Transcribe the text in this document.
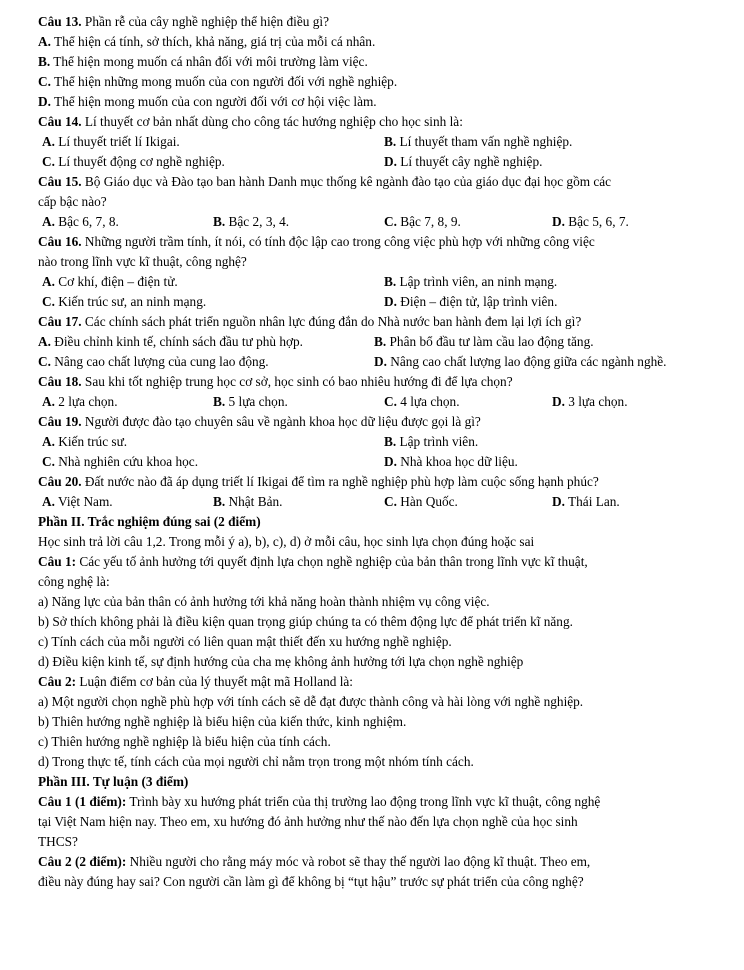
Câu 13. Phần rễ của cây nghề nghiệp thể hiện điều gì?
A. Thể hiện cá tính, sở thích, khả năng, giá trị của mỗi cá nhân.
B. Thể hiện mong muốn cá nhân đối với môi trường làm việc.
C. Thể hiện những mong muốn của con người đối với nghề nghiệp.
D. Thể hiện mong muốn của con người đối với cơ hội việc làm.
Câu 14. Lí thuyết cơ bản nhất dùng cho công tác hướng nghiệp cho học sinh là:
A. Lí thuyết triết lí Ikigai.	B. Lí thuyết tham vấn nghề nghiệp.
C. Lí thuyết động cơ nghề nghiệp.	D. Lí thuyết cây nghề nghiệp.
Câu 15. Bộ Giáo dục và Đào tạo ban hành Danh mục thống kê ngành đào tạo của giáo dục đại học gồm các
cấp bậc nào?
A. Bậc 6, 7, 8.	B. Bậc 2, 3, 4.	C. Bậc 7, 8, 9.	D. Bậc 5, 6, 7.
Câu 16. Những người trầm tính, ít nói, có tính độc lập cao trong công việc phù hợp với những công việc
nào trong lĩnh vực kĩ thuật, công nghệ?
A. Cơ khí, điện – điện tử.	B. Lập trình viên, an ninh mạng.
C. Kiến trúc sư, an ninh mạng.	D. Điện – điện tử, lập trình viên.
Câu 17. Các chính sách phát triển nguồn nhân lực đúng đắn do Nhà nước ban hành đem lại lợi ích gì?
A. Điều chỉnh kinh tế, chính sách đầu tư phù hợp.	B. Phân bổ đầu tư làm cầu lao động tăng.
C. Nâng cao chất lượng của cung lao động.	D. Nâng cao chất lượng lao động giữa các ngành nghề.
Câu 18. Sau khi tốt nghiệp trung học cơ sở, học sinh có bao nhiêu hướng đi để lựa chọn?
A. 2 lựa chọn.	B. 5 lựa chọn.	C. 4 lựa chọn.	D. 3 lựa chọn.
Câu 19. Người được đào tạo chuyên sâu về ngành khoa học dữ liệu được gọi là gì?
A. Kiến trúc sư.	B. Lập trình viên.
C. Nhà nghiên cứu khoa học.	D. Nhà khoa học dữ liệu.
Câu 20. Đất nước nào đã áp dụng triết lí Ikigai để tìm ra nghề nghiệp phù hợp làm cuộc sống hạnh phúc?
A. Việt Nam.	B. Nhật Bản.	C. Hàn Quốc.	D. Thái Lan.
Phần II. Trắc nghiệm đúng sai (2 điểm)
Học sinh trả lời câu 1,2. Trong mỗi ý a), b), c), d) ở mỗi câu, học sinh lựa chọn đúng hoặc sai
Câu 1: Các yếu tố ảnh hưởng tới quyết định lựa chọn nghề nghiệp của bản thân trong lĩnh vực kĩ thuật,
công nghệ là:
a) Năng lực của bản thân có ảnh hưởng tới khả năng hoàn thành nhiệm vụ công việc.
b) Sở thích không phải là điều kiện quan trọng giúp chúng ta có thêm động lực để phát triển kĩ năng.
c) Tính cách của mỗi người có liên quan mật thiết đến xu hướng nghề nghiệp.
d) Điều kiện kinh tế, sự định hướng của cha mẹ không ảnh hưởng tới lựa chọn nghề nghiệp
Câu 2: Luận điểm cơ bản của lý thuyết mật mã Holland là:
a) Một người chọn nghề phù hợp với tính cách sẽ dễ đạt được thành công và hài lòng với nghề nghiệp.
b) Thiên hướng nghề nghiệp là biểu hiện của kiến thức, kinh nghiệm.
c) Thiên hướng nghề nghiệp là biểu hiện của tính cách.
d) Trong thực tế, tính cách của mọi người chỉ nằm trọn trong một nhóm tính cách.
Phần III. Tự luận (3 điểm)
Câu 1 (1 điểm): Trình bày xu hướng phát triển của thị trường lao động trong lĩnh vực kĩ thuật, công nghệ
tại Việt Nam hiện nay. Theo em, xu hướng đó ảnh hưởng như thế nào đến lựa chọn nghề của học sinh
THCS?
Câu 2 (2 điểm): Nhiều người cho rằng máy móc và robot sẽ thay thế người lao động kĩ thuật. Theo em,
điều này đúng hay sai? Con người cần làm gì để không bị “tụt hậu” trước sự phát triển của công nghệ?
